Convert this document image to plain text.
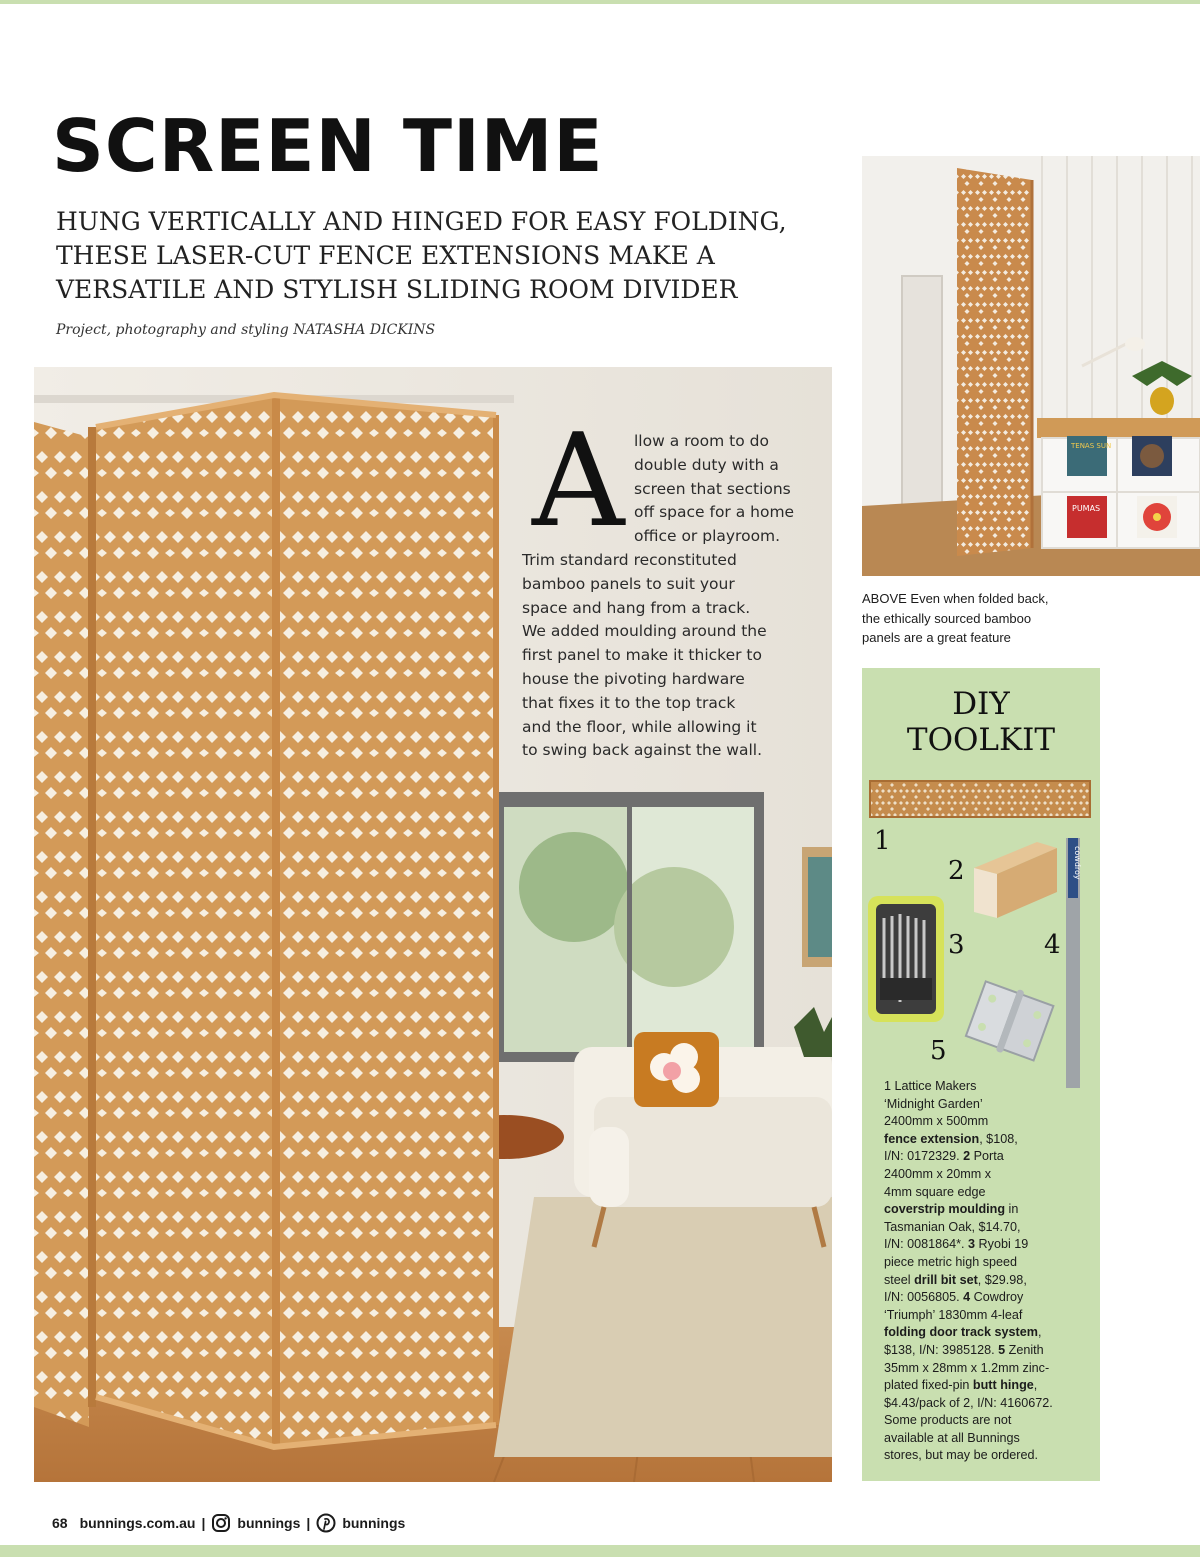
SCREEN TIME
HUNG VERTICALLY AND HINGED FOR EASY FOLDING,
THESE LASER-CUT FENCE EXTENSIONS MAKE A
VERSATILE AND STYLISH SLIDING ROOM DIVIDER
Project, photography and styling NATASHA DICKINS
A llow a room to do
double duty with a
screen that sections
off space for a home
office or playroom.
Trim standard reconstituted
bamboo panels to suit your
space and hang from a track.
We added moulding around the
first panel to make it thicker to
house the pivoting hardware
that fixes it to the top track
and the floor, while allowing it
to swing back against the wall.
TENAS SUN
PUMAS
ABOVE Even when folded back,
the ethically sourced bamboo
panels are a great feature
DIY
TOOLKIT
cowdroy
1
2
3	4
5
1 Lattice Makers
‘Midnight Garden’
2400mm x 500mm
fence extension, $108,
I/N: 0172329. 2 Porta
2400mm x 20mm x
4mm square edge
coverstrip moulding in
Tasmanian Oak, $14.70,
I/N: 0081864*. 3 Ryobi 19
piece metric high speed
steel drill bit set, $29.98,
I/N: 0056805. 4 Cowdroy
‘Triumph’ 1830mm 4-leaf
folding door track system,
$138, I/N: 3985128. 5 Zenith
35mm x 28mm x 1.2mm zinc-
plated fixed-pin butt hinge,
$4.43/pack of 2, I/N: 4160672.
Some products are not
available at all Bunnings
stores, but may be ordered.
68 bunnings.com.au | bunnings | bunnings
